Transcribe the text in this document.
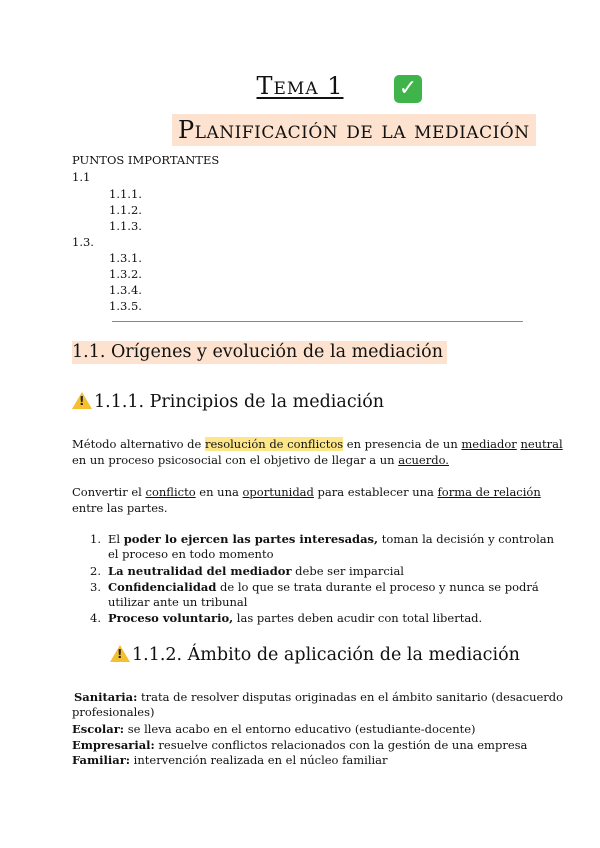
Tema 1	✓
Planificación de la mediación
PUNTOS IMPORTANTES
1.1
1.1.1.
1.1.2.
1.1.3.
1.3.
1.3.1.
1.3.2.
1.3.4.
1.3.5.
1.1. Orígenes y evolución de la mediación
!1.1.1. Principios de la mediación
Método alternativo de resolución de conflictos en presencia de un mediador neutral
en un proceso psicosocial con el objetivo de llegar a un acuerdo.
Convertir el conflicto en una oportunidad para establecer una forma de relación
entre las partes.
1. El poder lo ejercen las partes interesadas, toman la decisión y controlan
el proceso en todo momento
2. La neutralidad del mediador debe ser imparcial
3. Confidencialidad de lo que se trata durante el proceso y nunca se podrá
utilizar ante un tribunal
4. Proceso voluntario, las partes deben acudir con total libertad.
!1.1.2. Ámbito de aplicación de la mediación
Sanitaria: trata de resolver disputas originadas en el ámbito sanitario (desacuerdo
profesionales)
Escolar: se lleva acabo en el entorno educativo (estudiante-docente)
Empresarial: resuelve conflictos relacionados con la gestión de una empresa
Familiar: intervención realizada en el núcleo familiar
